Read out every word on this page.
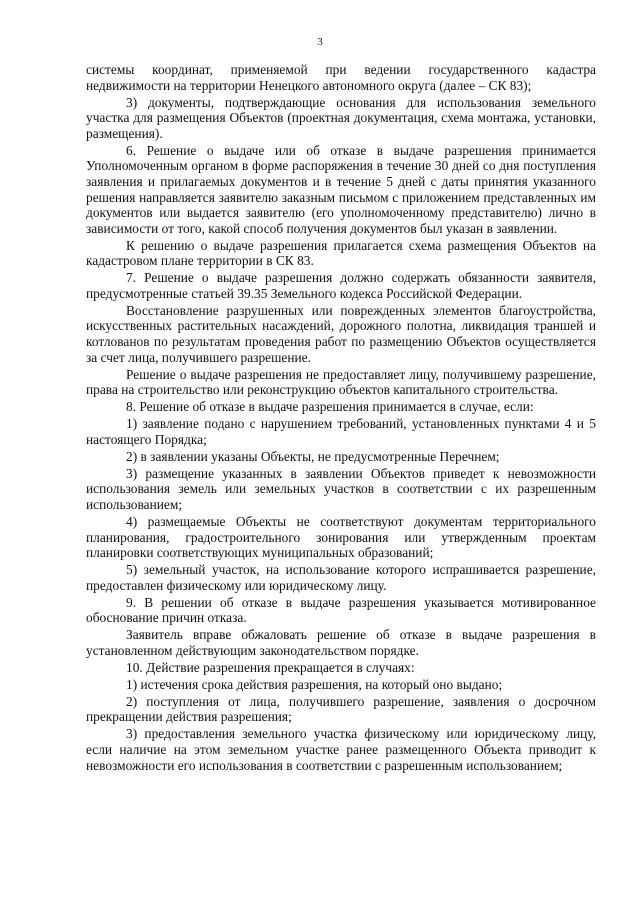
3

системы координат, применяемой при ведении государственного кадастра недвижимости на территории Ненецкого автономного округа (далее – СК 83);

3) документы, подтверждающие основания для использования земельного участка для размещения Объектов (проектная документация, схема монтажа, установки, размещения).

6. Решение о выдаче или об отказе в выдаче разрешения принимается Уполномоченным органом в форме распоряжения в течение 30 дней со дня поступления заявления и прилагаемых документов и в течение 5 дней с даты принятия указанного решения направляется заявителю заказным письмом с приложением представленных им документов или выдается заявителю (его уполномоченному представителю) лично в зависимости от того, какой способ получения документов был указан в заявлении.

К решению о выдаче разрешения прилагается схема размещения Объектов на кадастровом плане территории в СК 83.

7. Решение о выдаче разрешения должно содержать обязанности заявителя, предусмотренные статьей 39.35 Земельного кодекса Российской Федерации.

Восстановление разрушенных или поврежденных элементов благоустройства, искусственных растительных насаждений, дорожного полотна, ликвидация траншей и котлованов по результатам проведения работ по размещению Объектов осуществляется за счет лица, получившего разрешение.

Решение о выдаче разрешения не предоставляет лицу, получившему разрешение, права на строительство или реконструкцию объектов капитального строительства.

8. Решение об отказе в выдаче разрешения принимается в случае, если:

1) заявление подано с нарушением требований, установленных пунктами 4 и 5 настоящего Порядка;

2) в заявлении указаны Объекты, не предусмотренные Перечнем;

3) размещение указанных в заявлении Объектов приведет к невозможности использования земель или земельных участков в соответствии с их разрешенным использованием;

4) размещаемые Объекты не соответствуют документам территориального планирования, градостроительного зонирования или утвержденным проектам планировки соответствующих муниципальных образований;

5) земельный участок, на использование которого испрашивается разрешение, предоставлен физическому или юридическому лицу.

9. В решении об отказе в выдаче разрешения указывается мотивированное обоснование причин отказа.

Заявитель вправе обжаловать решение об отказе в выдаче разрешения в установленном действующим законодательством порядке.

10. Действие разрешения прекращается в случаях:

1) истечения срока действия разрешения, на который оно выдано;

2) поступления от лица, получившего разрешение, заявления о досрочном прекращении действия разрешения;

3) предоставления земельного участка физическому или юридическому лицу, если наличие на этом земельном участке ранее размещенного Объекта приводит к невозможности его использования в соответствии с разрешенным использованием;
